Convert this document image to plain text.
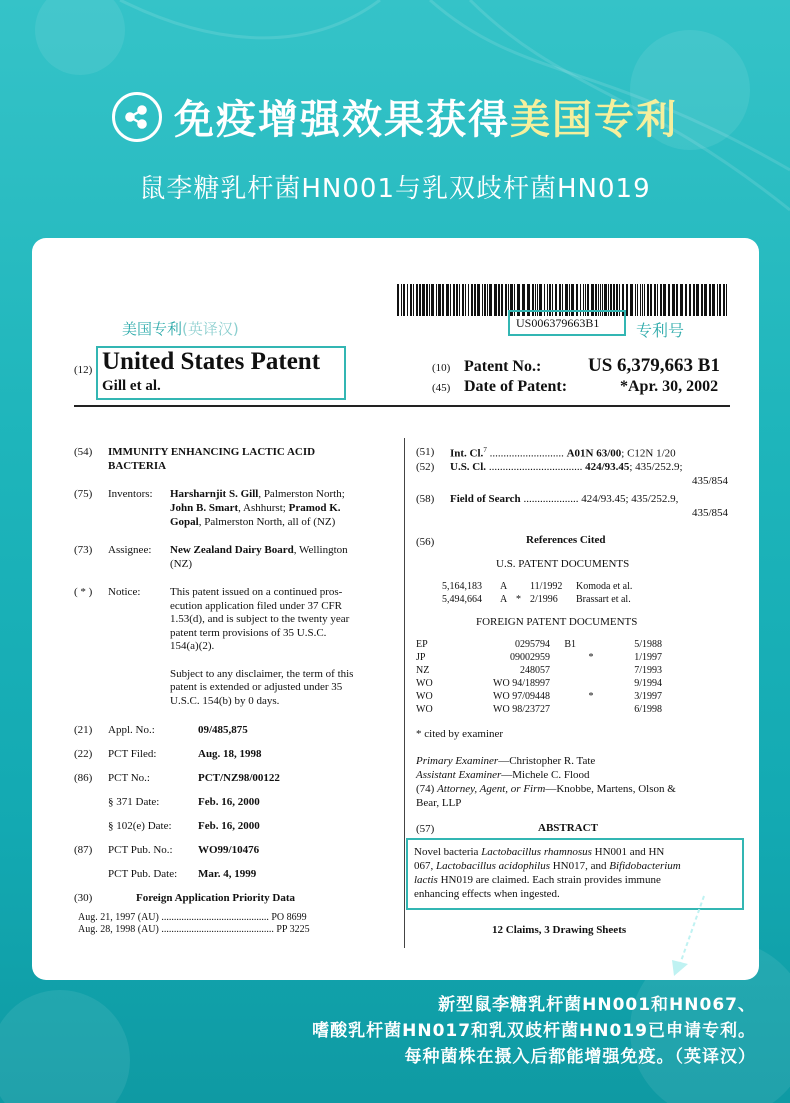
免疫增强效果获得美国专利
鼠李糖乳杆菌HN001与乳双歧杆菌HN019
美国专利(英译汉)	US006379663B1 专利号
(12) United States Patent
Gill et al.
(10) Patent No.: US 6,379,663 B1
(45) Date of Patent:	*Apr. 30, 2002
(54) IMMUNITY ENHANCING LACTIC ACID
BACTERIA
(75) Inventors: Harsharnjit S. Gill, Palmerston North;
John B. Smart, Ashhurst; Pramod K.
Gopal, Palmerston North, all of (NZ)
(73) Assignee: New Zealand Dairy Board, Wellington
(NZ)
( * ) Notice:	This patent issued on a continued pros-
ecution application filed under 37 CFR
1.53(d), and is subject to the twenty year
patent term provisions of 35 U.S.C.
154(a)(2).
Subject to any disclaimer, the term of this
patent is extended or adjusted under 35
U.S.C. 154(b) by 0 days.
(21) Appl. No.:	09/485,875
(22) PCT Filed:	Aug. 18, 1998
(86) PCT No.:	PCT/NZ98/00122
§ 371 Date:	Feb. 16, 2000
§ 102(e) Date: Feb. 16, 2000
(87) PCT Pub. No.: WO99/10476
PCT Pub. Date: Mar. 4, 1999
(30)	Foreign Application Priority Data
Aug. 21, 1997 (AU) ........................................... PO 8699
Aug. 28, 1998 (AU) ............................................. PP 3225
(51) Int. Cl.$^7$ ........................... A01N 63/00; C12N 1/20
(52) U.S. Cl. .................................. 424/93.45; 435/252.9;
435/854
(58) Field of Search .................... 424/93.45; 435/252.9,
435/854
(56)	References Cited
U.S. PATENT DOCUMENTS
5,164,183 A 11/1992 Komoda et al.
5,494,664 A * 2/1996 Brassart et al.
FOREIGN PATENT DOCUMENTS
EP	0295794 B1	5/1988
JP	09002959	*	1/1997
NZ	248057	7/1993
WO	WO 94/18997	9/1994
WO	WO 97/09448	*	3/1997
WO	WO 98/23727	6/1998
* cited by examiner
Primary Examiner—Christopher R. Tate
Assistant Examiner—Michele C. Flood
(74) Attorney, Agent, or Firm—Knobbe, Martens, Olson &
Bear, LLP
(57)	ABSTRACT
Novel bacteria Lactobacillus rhamnosus HN001 and HN
067, Lactobacillus acidophilus HN017, and Bifidobacterium
lactis HN019 are claimed. Each strain provides immune
enhancing effects when ingested.
12 Claims, 3 Drawing Sheets
新型鼠李糖乳杆菌HN001和HN067、
嗜酸乳杆菌HN017和乳双歧杆菌HN019已申请专利。
每种菌株在摄入后都能增强免疫。（英译汉）
